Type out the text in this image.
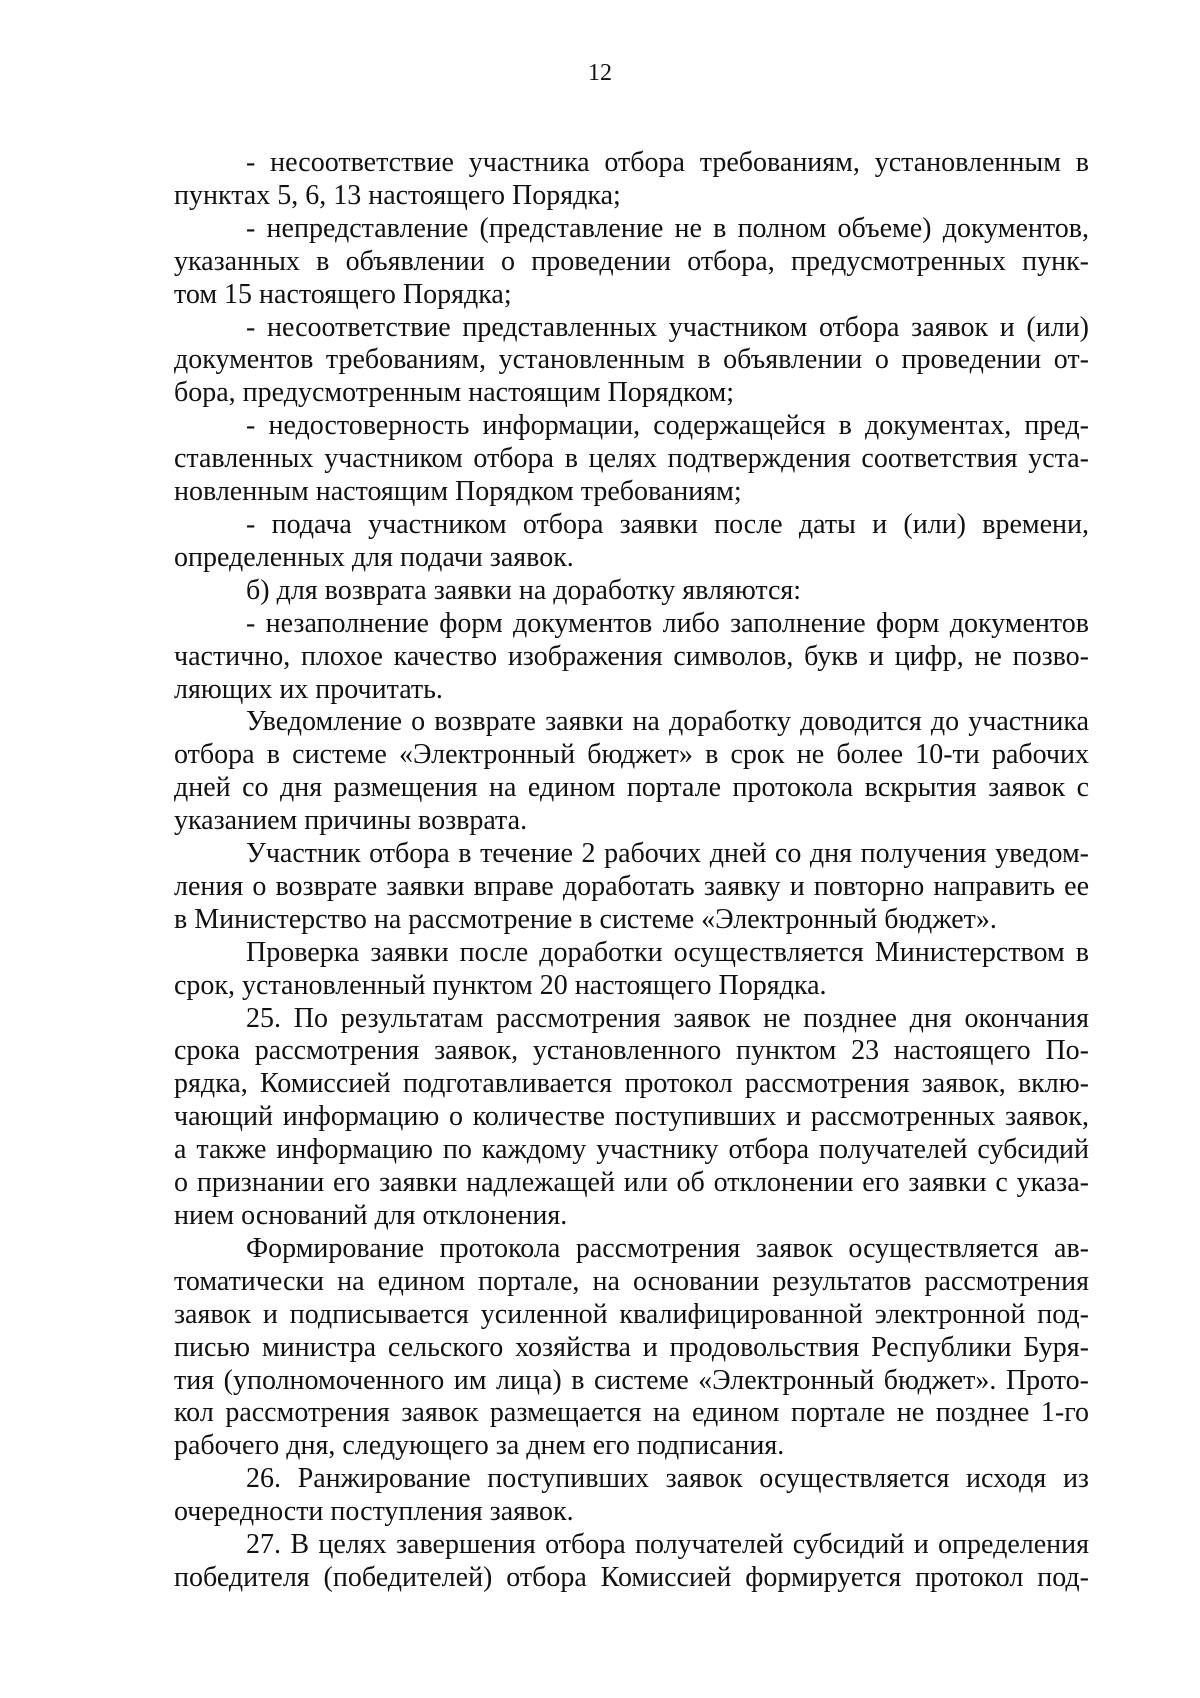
12
- несоответствие участника отбора требованиям, установленным в
пунктах 5, 6, 13 настоящего Порядка;
- непредставление (представление не в полном объеме) документов,
указанных в объявлении о проведении отбора, предусмотренных пунк-
том 15 настоящего Порядка;
- несоответствие представленных участником отбора заявок и (или)
документов требованиям, установленным в объявлении о проведении от-
бора, предусмотренным настоящим Порядком;
- недостоверность информации, содержащейся в документах, пред-
ставленных участником отбора в целях подтверждения соответствия уста-
новленным настоящим Порядком требованиям;
- подача участником отбора заявки после даты и (или) времени,
определенных для подачи заявок.
б) для возврата заявки на доработку являются:
- незаполнение форм документов либо заполнение форм документов
частично, плохое качество изображения символов, букв и цифр, не позво-
ляющих их прочитать.
Уведомление о возврате заявки на доработку доводится до участника
отбора в системе «Электронный бюджет» в срок не более 10-ти рабочих
дней со дня размещения на едином портале протокола вскрытия заявок с
указанием причины возврата.
Участник отбора в течение 2 рабочих дней со дня получения уведом-
ления о возврате заявки вправе доработать заявку и повторно направить ее
в Министерство на рассмотрение в системе «Электронный бюджет».
Проверка заявки после доработки осуществляется Министерством в
срок, установленный пунктом 20 настоящего Порядка.
25. По результатам рассмотрения заявок не позднее дня окончания
срока рассмотрения заявок, установленного пунктом 23 настоящего По-
рядка, Комиссией подготавливается протокол рассмотрения заявок, вклю-
чающий информацию о количестве поступивших и рассмотренных заявок,
а также информацию по каждому участнику отбора получателей субсидий
о признании его заявки надлежащей или об отклонении его заявки с указа-
нием оснований для отклонения.
Формирование протокола рассмотрения заявок осуществляется ав-
томатически на едином портале, на основании результатов рассмотрения
заявок и подписывается усиленной квалифицированной электронной под-
писью министра сельского хозяйства и продовольствия Республики Буря-
тия (уполномоченного им лица) в системе «Электронный бюджет». Прото-
кол рассмотрения заявок размещается на едином портале не позднее 1-го
рабочего дня, следующего за днем его подписания.
26. Ранжирование поступивших заявок осуществляется исходя из
очередности поступления заявок.
27. В целях завершения отбора получателей субсидий и определения
победителя (победителей) отбора Комиссией формируется протокол под-
